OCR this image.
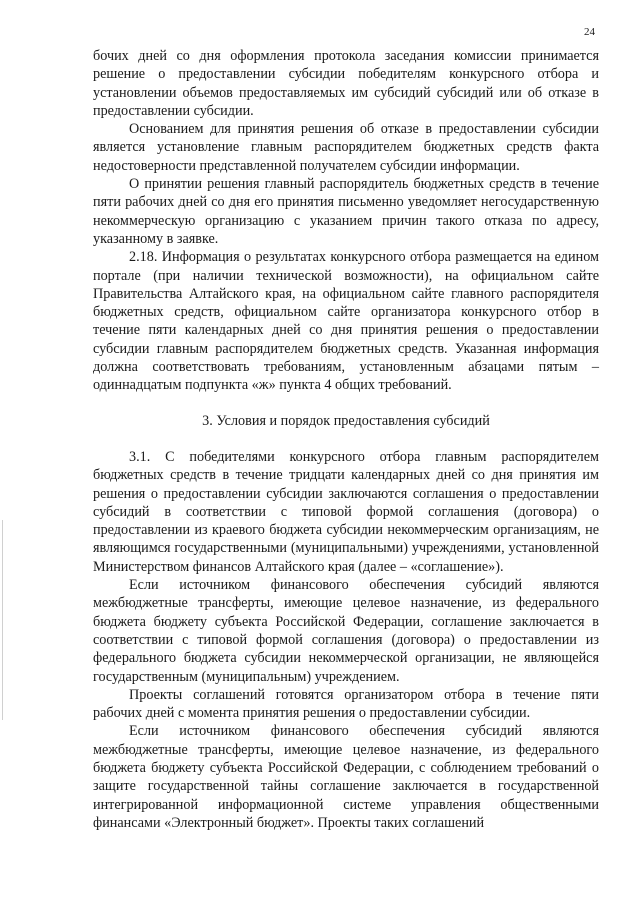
24

бочих дней со дня оформления протокола заседания комиссии принимается решение о предоставлении субсидии победителям конкурсного отбора и установлении объемов предоставляемых им субсидий субсидий или об отказе в предоставлении субсидии.

Основанием для принятия решения об отказе в предоставлении субсидии является установление главным распорядителем бюджетных средств факта недостоверности представленной получателем субсидии информации.

О принятии решения главный распорядитель бюджетных средств в течение пяти рабочих дней со дня его принятия письменно уведомляет негосударственную некоммерческую организацию с указанием причин такого отказа по адресу, указанному в заявке.

2.18. Информация о результатах конкурсного отбора размещается на едином портале (при наличии технической возможности), на официальном сайте Правительства Алтайского края, на официальном сайте главного распорядителя бюджетных средств, официальном сайте организатора конкурсного отбор в течение пяти календарных дней со дня принятия решения о предоставлении субсидии главным распорядителем бюджетных средств. Указанная информация должна соответствовать требованиям, установленным абзацами пятым – одиннадцатым подпункта «ж» пункта 4 общих требований.

3. Условия и порядок предоставления субсидий

3.1. С победителями конкурсного отбора главным распорядителем бюджетных средств в течение тридцати календарных дней со дня принятия им решения о предоставлении субсидии заключаются соглашения о предоставлении субсидий в соответствии с типовой формой соглашения (договора) о предоставлении из краевого бюджета субсидии некоммерческим организациям, не являющимся государственными (муниципальными) учреждениями, установленной Министерством финансов Алтайского края (далее – «соглашение»).

Если источником финансового обеспечения субсидий являются межбюджетные трансферты, имеющие целевое назначение, из федерального бюджета бюджету субъекта Российской Федерации, соглашение заключается в соответствии с типовой формой соглашения (договора) о предоставлении из федерального бюджета субсидии некоммерческой организации, не являющейся государственным (муниципальным) учреждением.

Проекты соглашений готовятся организатором отбора в течение пяти рабочих дней с момента принятия решения о предоставлении субсидии.

Если источником финансового обеспечения субсидий являются межбюджетные трансферты, имеющие целевое назначение, из федерального бюджета бюджету субъекта Российской Федерации, с соблюдением требований о защите государственной тайны соглашение заключается в государственной интегрированной информационной системе управления общественными финансами «Электронный бюджет». Проекты таких соглашений
